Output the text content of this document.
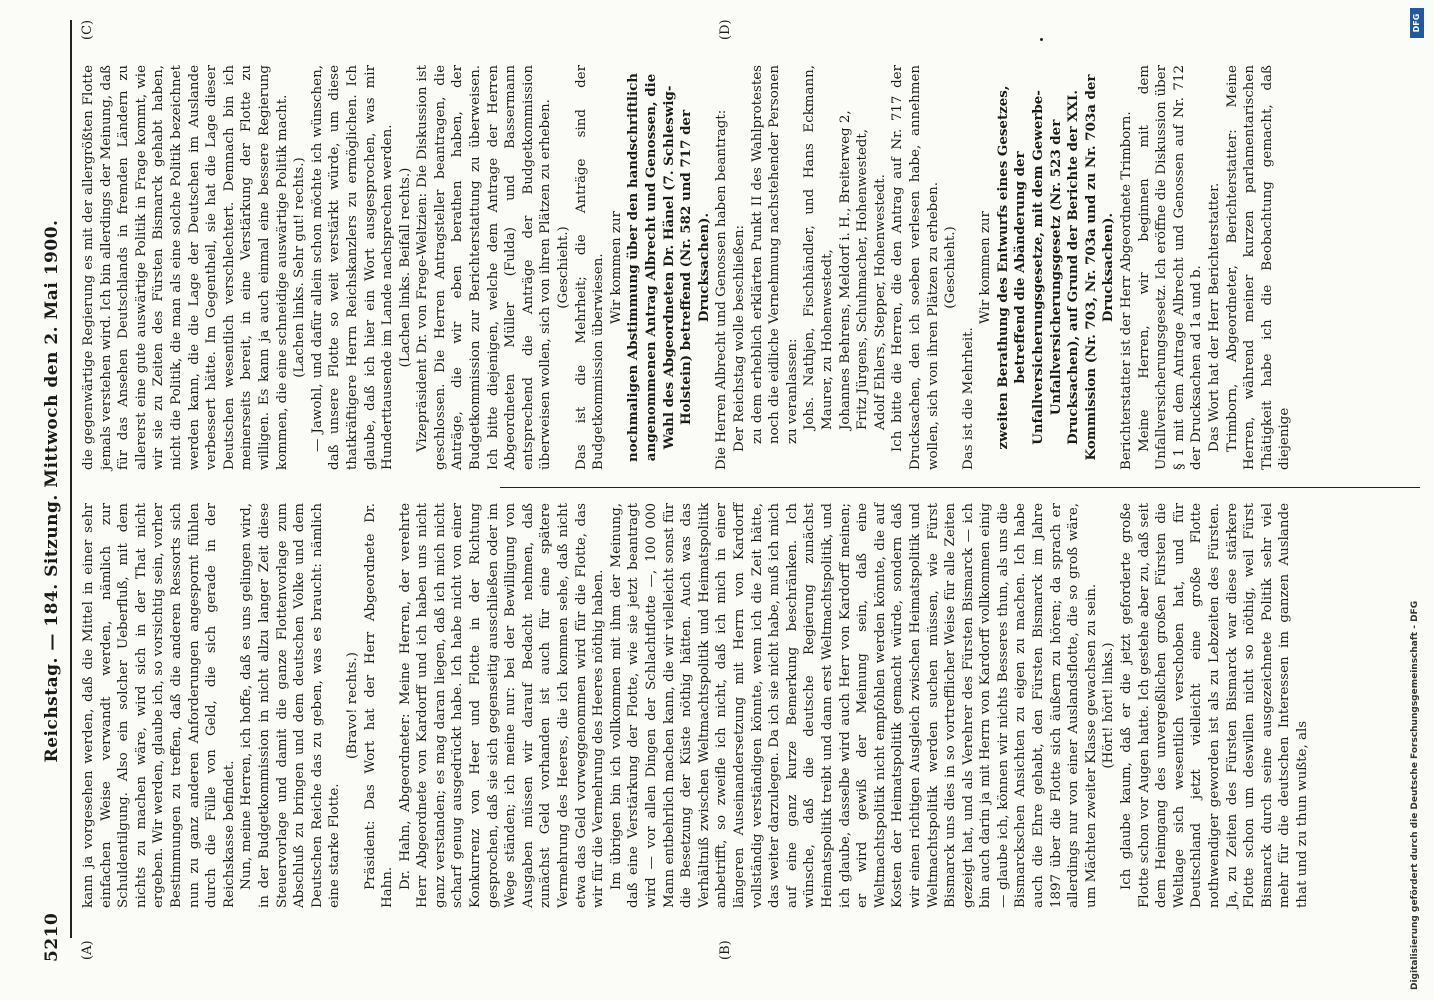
5210
Reichstag. — 184. Sitzung. Mittwoch den 2. Mai 1900.
(A)	(B)
(C)	(D)

kann ja vorgesehen werden, daß die Mittel in einer sehr einfachen Weise verwandt werden, nämlich zur Schuldentilgung. Also ein solcher Ueberfluß, mit dem nichts zu machen wäre, wird sich in der That nicht ergeben. Wir werden, glaube ich, so vorsichtig sein, vorher Bestimmungen zu treffen, daß die anderen Ressorts sich nun zu ganz anderen Anforderungen angespornt fühlen durch die Fülle von Geld, die sich gerade in der Reichskasse befindet. Nun, meine Herren, ich hoffe, daß es uns gelingen wird, in der Budgetkommission in nicht allzu langer Zeit diese Steuervorlage und damit die ganze Flottenvorlage zum Abschluß zu bringen und dem deutschen Volke und dem Deutschen Reiche das zu geben, was es braucht: nämlich eine starke Flotte.

(Bravo! rechts.) Präsident: Das Wort hat der Herr Abgeordnete Dr. Hahn. Dr. Hahn, Abgeordneter: Meine Herren, der verehrte Herr Abgeordnete von Kardorff und ich haben uns nicht ganz verstanden; es mag daran liegen, daß ich mich nicht scharf genug ausgedrückt habe. Ich habe nicht von einer Konkurrenz von Heer und Flotte in der Richtung gesprochen, daß sie sich gegenseitig ausschließen oder im Wege ständen; ich meine nur: bei der Bewilligung von Ausgaben müssen wir darauf Bedacht nehmen, daß zunächst Geld vorhanden ist auch für eine spätere Vermehrung des Heeres, die ich kommen sehe, daß nicht etwa das Geld vorweggenommen wird für die Flotte, das wir für die Vermehrung des Heeres nöthig haben. Im übrigen bin ich vollkommen mit ihm der Meinung, daß eine Verstärkung der Flotte, wie sie jetzt beantragt wird — vor allen Dingen der Schlachtflotte —, 100 000 Mann entbehrlich machen kann, die wir vielleicht sonst für die Besetzung der Küste nöthig hätten. Auch was das Verhältniß zwischen Weltmachtspolitik und Heimatspolitik anbetrifft, so zweifle ich nicht, daß ich mich in einer längeren Auseinandersetzung mit Herrn von Kardorff vollständig verständigen könnte, wenn ich die Zeit hätte, das weiter darzulegen. Da ich sie nicht habe, muß ich mich auf eine ganz kurze Bemerkung beschränken. Ich wünsche, daß die deutsche Regierung zunächst Heimatspolitik treibt und dann erst Weltmachtspolitik, und ich glaube, dasselbe wird auch Herr von Kardorff meinen; er wird gewiß der Meinung sein, daß eine Weltmachtspolitik nicht empfohlen werden könnte, die auf Kosten der Heimatspolitik gemacht würde, sondern daß wir einen richtigen Ausgleich zwischen Heimatspolitik und Weltmachtspolitik werden suchen müssen, wie Fürst Bismarck uns dies in so vortrefflicher Weise für alle Zeiten gezeigt hat, und als Verehrer des Fürsten Bismarck — ich bin auch darin ja mit Herrn von Kardorff vollkommen einig — glaube ich, können wir nichts Besseres thun, als uns die Bismarckschen Ansichten zu eigen zu machen. Ich habe auch die Ehre gehabt, den Fürsten Bismarck im Jahre 1897 über die Flotte sich äußern zu hören; da sprach er allerdings nur von einer Auslandsflotte, die so groß wäre, um Mächten zweiter Klasse gewachsen zu sein. (Hört! hört! links.) Ich glaube kaum, daß er die jetzt geforderte große Flotte schon vor Augen hatte. Ich gestehe aber zu, daß seit dem Heimgang des unvergeßlichen großen Fürsten die Weltlage sich wesentlich verschoben hat, und für Deutschland jetzt vielleicht eine große Flotte nothwendiger geworden ist als zu Lebzeiten des Fürsten. Ja, zu Zeiten des Fürsten Bismarck war diese stärkere Flotte schon um deswillen nicht so nöthig, weil Fürst Bismarck durch seine ausgezeichnete Politik sehr viel mehr für die deutschen Interessen im ganzen Auslande that und zu thun wußte, als

die gegenwärtige Regierung es mit der allergrößten Flotte jemals verstehen wird. Ich bin allerdings der Meinung, daß für das Ansehen Deutschlands in fremden Ländern zu allererst eine gute auswärtige Politik in Frage kommt, wie wir sie zu Zeiten des Fürsten Bismarck gehabt haben, nicht die Politik, die man als eine solche Politik bezeichnet werden kann, die die Lage der Deutschen im Auslande verbessert hätte. Im Gegentheil, sie hat die Lage dieser Deutschen wesentlich verschlechtert. Demnach bin ich meinerseits bereit, in eine Verstärkung der Flotte zu willigen. Es kann ja auch einmal eine bessere Regierung kommen, die eine schneidige auswärtige Politik macht. (Lachen links. Sehr gut! rechts.) — Jawohl, und dafür allein schon möchte ich wünschen, daß unsere Flotte so weit verstärkt würde, um diese thatkräftigere Herrn Reichskanzlers zu ermöglichen. Ich glaube, daß ich hier ein Wort ausgesprochen, was mir Hunderttausende im Lande nachsprechen werden. (Lachen links. Beifall rechts.) Vizepräsident Dr. von Frege-Weltzien: Die Diskussion ist geschlossen. Die Herren Antragsteller beantragen, die Anträge, die wir eben berathen haben, der Budgetkommission zur Berichterstattung zu überweisen. Ich bitte diejenigen, welche dem Antrage der Herren Abgeordneten Müller (Fulda) und Bassermann entsprechend die Anträge der Budgetkommission überweisen wollen, sich von ihren Plätzen zu erheben. (Geschieht.) Das ist die Mehrheit; die Anträge sind der Budgetkommission überwiesen. Wir kommen zur nochmaligen Abstimmung über den handschriftlich angenommenen Antrag Albrecht und Genossen, die Wahl des Abgeordneten Dr. Hänel (7. Schleswig-Holstein) betreffend (Nr. 582 und 717 der Drucksachen). Die Herren Albrecht und Genossen haben beantragt: Der Reichstag wolle beschließen: zu dem erheblich erklärten Punkt II des Wahlprotestes noch die eidliche Vernehmung nachstehender Personen zu veranlassen: Johs. Nathjen, Fischhändler, und Hans Eckmann, Maurer, zu Hohenwestedt, Johannes Behrens, Meldorf i. H., Breiterweg 2, Fritz Jürgens, Schuhmacher, Hohenwestedt, Adolf Ehlers, Stepper, Hohenwestedt. Ich bitte die Herren, die den Antrag auf Nr. 717 der Drucksachen, den ich soeben verlesen habe, annehmen wollen, sich von ihren Plätzen zu erheben. (Geschieht.)

Das ist die Mehrheit.

Wir kommen zur zweiten Berathung des Entwurfs eines Gesetzes, betreffend die Abänderung der Unfallversicherungsgesetze, mit dem Gewerbe-Unfallversicherungsgesetz (Nr. 523 der Drucksachen), auf Grund der Berichte der XXI. Kommission (Nr. 703, Nr. 703a und zu Nr. 703a der Drucksachen). Berichterstatter ist der Herr Abgeordnete Trimborn. Meine Herren, wir beginnen mit dem Unfallversicherungsgesetz. Ich eröffne die Diskussion über § 1 mit dem Antrage Albrecht und Genossen auf Nr. 712 der Drucksachen ad 1a und b. Das Wort hat der Herr Berichterstatter. Trimborn, Abgeordneter, Berichterstatter: Meine Herren, während meiner kurzen parlamentarischen Thätigkeit habe ich die Beobachtung gemacht, daß diejenige

Digitalisierung gefördert durch die Deutsche Forschungsgemeinschaft - DFG
DFG
